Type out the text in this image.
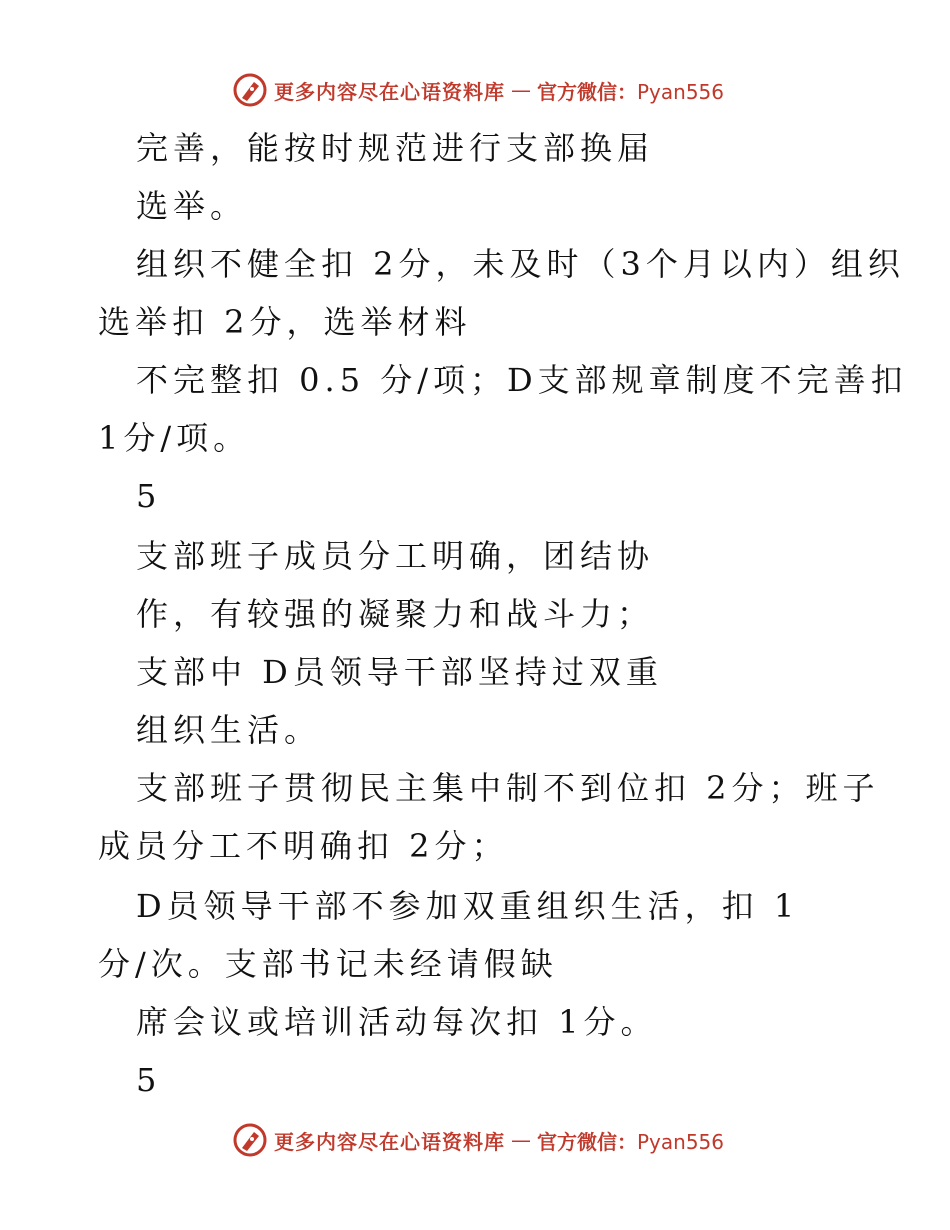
更多内容尽在心语资料库 — 官方微信：Pyan556
完善，能按时规范进行支部换届
选举。
组织不健全扣 2分，未及时（3个月以内）组织
选举扣 2分，选举材料
不完整扣 0.5 分/项；D支部规章制度不完善扣
1分/项。
5
支部班子成员分工明确，团结协
作，有较强的凝聚力和战斗力；
支部中 D员领导干部坚持过双重
组织生活。
支部班子贯彻民主集中制不到位扣 2分；班子
成员分工不明确扣 2分；
D员领导干部不参加双重组织生活，扣 1
分/次。支部书记未经请假缺
席会议或培训活动每次扣 1分。
5
更多内容尽在心语资料库 — 官方微信：Pyan556
